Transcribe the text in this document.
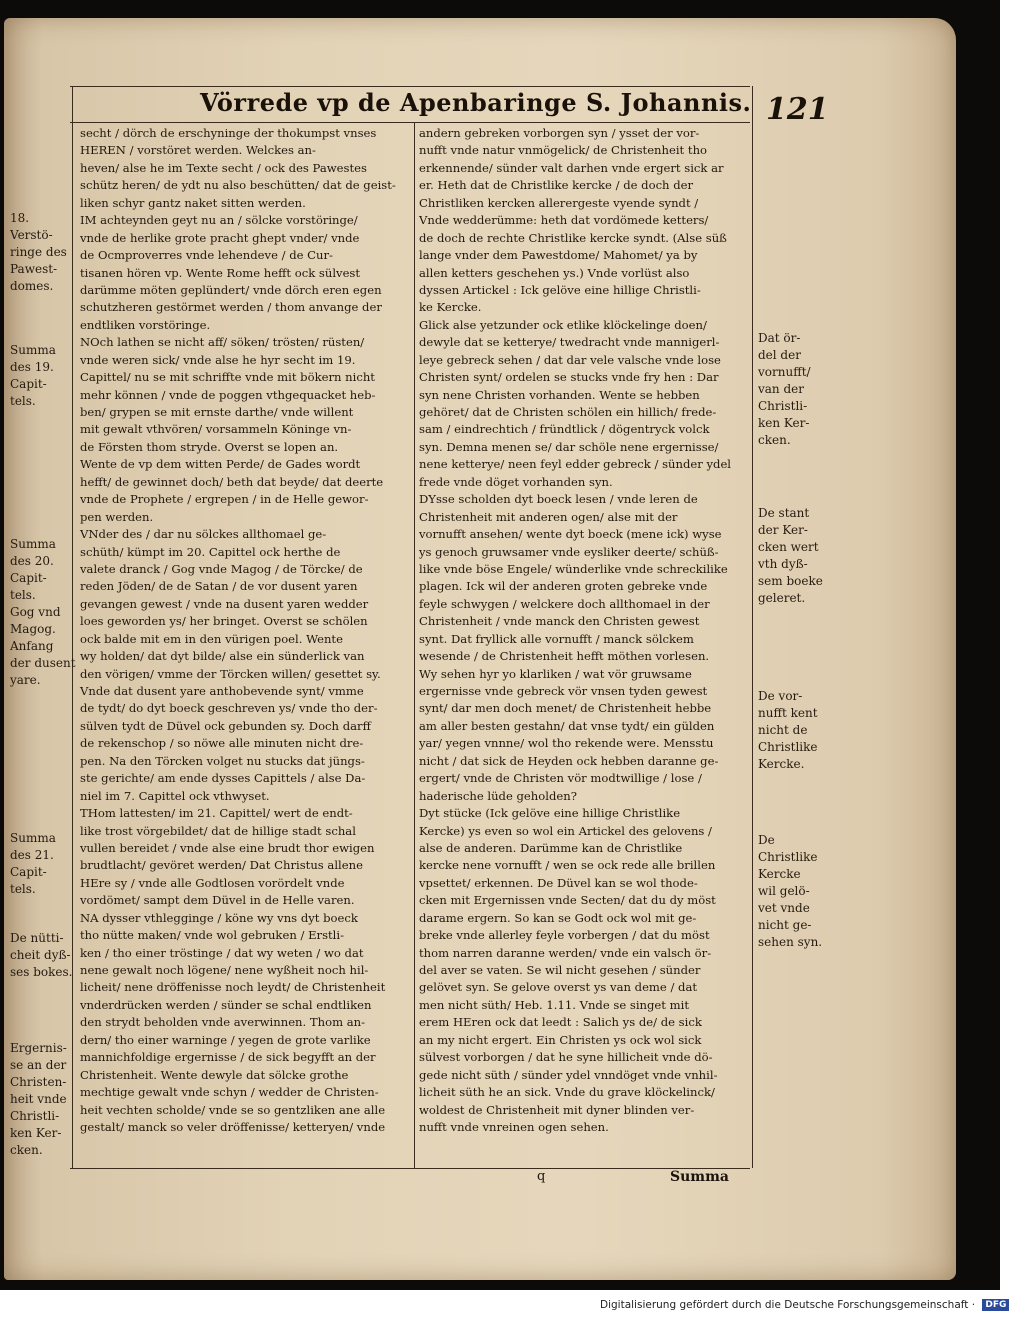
Vörrede vp de Apenbaringe S. Johannis. 121
secht / dörch de erschyninge der thokumpst vnses
HEREN / vorstöret werden. Welckes an-
heven/ alse he im Texte secht / ock des Pawestes
schütz heren/ de ydt nu also beschütten/ dat de geist-
liken schyr gantz naket sitten werden.
IM achteynden geyt nu an / sölcke vorstöringe/
vnde de herlike grote pracht ghept vnder/ vnde
de Ocmproverres vnde lehendeve / de Cur-
tisanen hören vp. Wente Rome hefft ock sülvest
darümme möten geplündert/ vnde dörch eren egen
schutzheren gestörmet werden / thom anvange der
endtliken vorstöringe.
NOch lathen se nicht aff/ söken/ trösten/ rüsten/
vnde weren sick/ vnde alse he hyr secht im 19.
Capittel/ nu se mit schriffte vnde mit bökern nicht
mehr können / vnde de poggen vthgequacket heb-
ben/ grypen se mit ernste darthe/ vnde willent
mit gewalt vthvören/ vorsammeln Köninge vn-
de Försten thom stryde. Overst se lopen an.
Wente de vp dem witten Perde/ de Gades wordt
hefft/ de gewinnet doch/ beth dat beyde/ dat deerte
vnde de Prophete / ergrepen / in de Helle gewor-
pen werden.
VNder des / dar nu sölckes allthomael ge-
schüth/ kümpt im 20. Capittel ock herthe de
valete dranck / Gog vnde Magog / de Törcke/ de
reden Jöden/ de de Satan / de vor dusent yaren
gevangen gewest / vnde na dusent yaren wedder
loes geworden ys/ her bringet. Overst se schölen
ock balde mit em in den vürigen poel. Wente
wy holden/ dat dyt bilde/ alse ein sünderlick van
den vörigen/ vmme der Törcken willen/ gesettet sy.
Vnde dat dusent yare anthobevende synt/ vmme
de tydt/ do dyt boeck geschreven ys/ vnde tho der-
sülven tydt de Düvel ock gebunden sy. Doch darff
de rekenschop / so nöwe alle minuten nicht dre-
pen. Na den Törcken volget nu stucks dat jüngs-
ste gerichte/ am ende dysses Capittels / alse Da-
niel im 7. Capittel ock vthwyset.
THom lattesten/ im 21. Capittel/ wert de endt-
like trost vörgebildet/ dat de hillige stadt schal
vullen bereidet / vnde alse eine brudt thor ewigen
brudtlacht/ gevöret werden/ Dat Christus allene
HEre sy / vnde alle Godtlosen vorördelt vnde
vordömet/ sampt dem Düvel in de Helle varen.
NA dysser vthlegginge / köne wy vns dyt boeck
tho nütte maken/ vnde wol gebruken / Erstli-
ken / tho einer tröstinge / dat wy weten / wo dat
nene gewalt noch lögene/ nene wyßheit noch hil-
licheit/ nene dröffenisse noch leydt/ de Christenheit
vnderdrücken werden / sünder se schal endtliken
den strydt beholden vnde averwinnen. Thom an-
dern/ tho einer warninge / yegen de grote varlike
mannichfoldige ergernisse / de sick begyfft an der
Christenheit. Wente dewyle dat sölcke grothe
mechtige gewalt vnde schyn / wedder de Christen-
heit vechten scholde/ vnde se so gentzliken ane alle
gestalt/ manck so veler dröffenisse/ ketteryen/ vnde
andern gebreken vorborgen syn / ysset der vor-
nufft vnde natur vnmögelick/ de Christenheit tho
erkennende/ sünder valt darhen vnde ergert sick ar
er. Heth dat de Christlike kercke / de doch der
Christliken kercken allerergeste vyende syndt /
Vnde wedderümme: heth dat vordömede ketters/
de doch de rechte Christlike kercke syndt. (Alse süß
lange vnder dem Pawestdome/ Mahomet/ ya by
allen ketters geschehen ys.) Vnde vorlüst also
dyssen Artickel : Ick gelöve eine hillige Christli-
ke Kercke.
Glick alse yetzunder ock etlike klöckelinge doen/
dewyle dat se ketterye/ twedracht vnde mannigerl-
leye gebreck sehen / dat dar vele valsche vnde lose
Christen synt/ ordelen se stucks vnde fry hen : Dar
syn nene Christen vorhanden. Wente se hebben
gehöret/ dat de Christen schölen ein hillich/ frede-
sam / eindrechtich / fründtlick / dögentryck volck
syn. Demna menen se/ dar schöle nene ergernisse/
nene ketterye/ neen feyl edder gebreck / sünder ydel
frede vnde döget vorhanden syn.
DYsse scholden dyt boeck lesen / vnde leren de
Christenheit mit anderen ogen/ alse mit der
vornufft ansehen/ wente dyt boeck (mene ick) wyse
ys genoch gruwsamer vnde eysliker deerte/ schüß-
like vnde böse Engele/ wünderlike vnde schreckilike
plagen. Ick wil der anderen groten gebreke vnde
feyle schwygen / welckere doch allthomael in der
Christenheit / vnde manck den Christen gewest
synt. Dat fryllick alle vornufft / manck sölckem
wesende / de Christenheit hefft möthen vorlesen.
Wy sehen hyr yo klarliken / wat vör gruwsame
ergernisse vnde gebreck vör vnsen tyden gewest
synt/ dar men doch menet/ de Christenheit hebbe
am aller besten gestahn/ dat vnse tydt/ ein gülden
yar/ yegen vnnne/ wol tho rekende were. Mensstu
nicht / dat sick de Heyden ock hebben daranne ge-
ergert/ vnde de Christen vör modtwillige / lose /
haderische lüde geholden?
Dyt stücke (Ick gelöve eine hillige Christlike
Kercke) ys even so wol ein Artickel des gelovens /
alse de anderen. Darümme kan de Christlike
kercke nene vornufft / wen se ock rede alle brillen
vpsettet/ erkennen. De Düvel kan se wol thode-
cken mit Ergernissen vnde Secten/ dat du dy möst
darame ergern. So kan se Godt ock wol mit ge-
breke vnde allerley feyle vorbergen / dat du möst
thom narren daranne werden/ vnde ein valsch ör-
del aver se vaten. Se wil nicht gesehen / sünder
gelövet syn. Se gelove overst ys van deme / dat
men nicht süth/ Heb. 1.11. Vnde se singet mit
erem HEren ock dat leedt : Salich ys de/ de sick
an my nicht ergert. Ein Christen ys ock wol sick
sülvest vorborgen / dat he syne hillicheit vnde dö-
gede nicht süth / sünder ydel vnndöget vnde vnhil-
licheit süth he an sick. Vnde du grave klöckelinck/
woldest de Christenheit mit dyner blinden ver-
nufft vnde vnreinen ogen sehen.
18.
Verstö-
ringe des
Pawest-
domes.
Summa
des 19.
Capit-
tels.
Summa
des 20.
Capit-
tels.
Gog vnd
Magog.
Anfang
der dusent
yare.
Summa
des 21.
Capit-
tels.
De nütti-
cheit dyß-
ses bokes.
Ergernis-
se an der
Christen-
heit vnde
Christli-
ken Ker-
cken.
Dat ör-
del der
vornufft/
van der
Christli-
ken Ker-
cken.
De stant
der Ker-
cken wert
vth dyß-
sem boeke
geleret.
De vor-
nufft kent
nicht de
Christlike
Kercke.
De
Christlike
Kercke
wil gelö-
vet vnde
nicht ge-
sehen syn.
q	Summa
Digitalisierung gefördert durch die Deutsche Forschungsgemeinschaft · DFG
